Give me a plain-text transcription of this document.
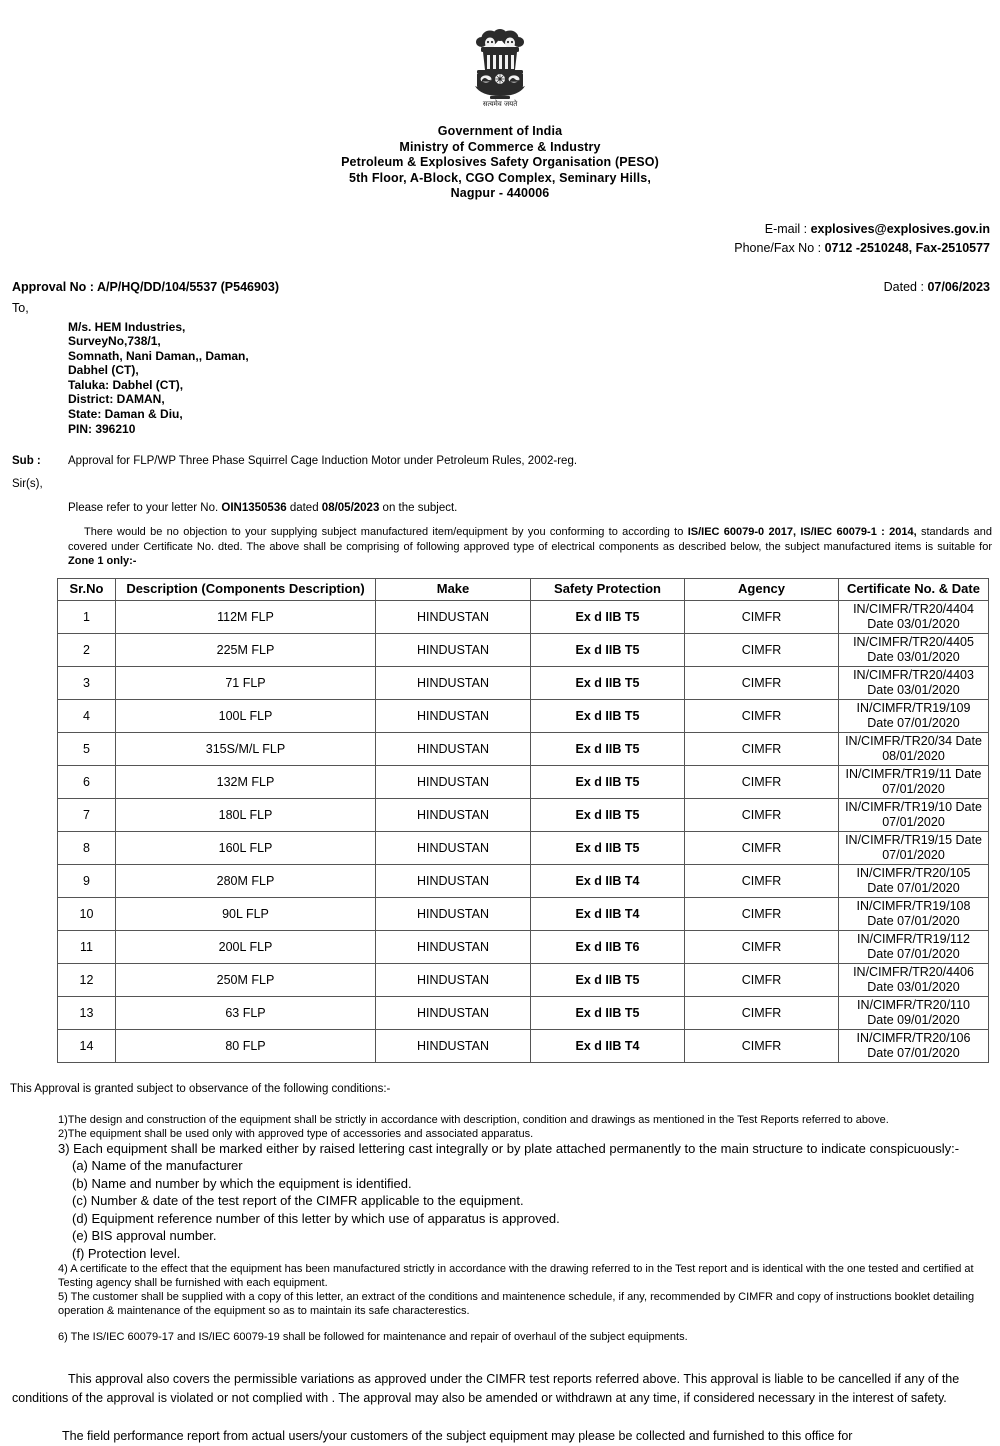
सत्यमेव जयते
Government of India
Ministry of Commerce & Industry
Petroleum & Explosives Safety Organisation (PESO)
5th Floor, A-Block, CGO Complex, Seminary Hills,
Nagpur - 440006
E-mail : explosives@explosives.gov.in
Phone/Fax No : 0712 -2510248, Fax-2510577
Approval No : A/P/HQ/DD/104/5537 (P546903)	Dated : 07/06/2023
To,
M/s. HEM Industries,
SurveyNo,738/1,
Somnath, Nani Daman,, Daman,
Dabhel (CT),
Taluka: Dabhel (CT),
District: DAMAN,
State: Daman & Diu,
PIN: 396210
Sub : Approval for FLP/WP Three Phase Squirrel Cage Induction Motor under Petroleum Rules, 2002-reg.
Sir(s),
Please refer to your letter No. OIN1350536 dated 08/05/2023 on the subject.
There would be no objection to your supplying subject manufactured item/equipment by you conforming to according to IS/IEC 60079-0 2017, IS/IEC 60079-1 : 2014, standards and covered under Certificate No. dted. The above shall be comprising of following approved type of electrical components as described below, the subject manufactured items is suitable for Zone 1 only:-
Sr.No	Description (Components Description)	Make	Safety Protection	Agency	Certificate No. & Date
1	112M FLP	HINDUSTAN	Ex d IIB T5	CIMFR	IN/CIMFR/TR20/4404
Date 03/01/2020
2	225M FLP	HINDUSTAN	Ex d IIB T5	CIMFR	IN/CIMFR/TR20/4405
Date 03/01/2020
3	71 FLP	HINDUSTAN	Ex d IIB T5	CIMFR	IN/CIMFR/TR20/4403
Date 03/01/2020
4	100L FLP	HINDUSTAN	Ex d IIB T5	CIMFR	IN/CIMFR/TR19/109
Date 07/01/2020
5	315S/M/L FLP	HINDUSTAN	Ex d IIB T5	CIMFR	IN/CIMFR/TR20/34 Date
08/01/2020
6	132M FLP	HINDUSTAN	Ex d IIB T5	CIMFR	IN/CIMFR/TR19/11 Date
07/01/2020
7	180L FLP	HINDUSTAN	Ex d IIB T5	CIMFR	IN/CIMFR/TR19/10 Date
07/01/2020
8	160L FLP	HINDUSTAN	Ex d IIB T5	CIMFR	IN/CIMFR/TR19/15 Date
07/01/2020
9	280M FLP	HINDUSTAN	Ex d IIB T4	CIMFR	IN/CIMFR/TR20/105
Date 07/01/2020
10	90L FLP	HINDUSTAN	Ex d IIB T4	CIMFR	IN/CIMFR/TR19/108
Date 07/01/2020
11	200L FLP	HINDUSTAN	Ex d IIB T6	CIMFR	IN/CIMFR/TR19/112
Date 07/01/2020
12	250M FLP	HINDUSTAN	Ex d IIB T5	CIMFR	IN/CIMFR/TR20/4406
Date 03/01/2020
13	63 FLP	HINDUSTAN	Ex d IIB T5	CIMFR	IN/CIMFR/TR20/110
Date 09/01/2020
14	80 FLP	HINDUSTAN	Ex d IIB T4	CIMFR	IN/CIMFR/TR20/106
Date 07/01/2020
This Approval is granted subject to observance of the following conditions:-
1)The design and construction of the equipment shall be strictly in accordance with description, condition and drawings as mentioned in the Test Reports referred to above.
2)The equipment shall be used only with approved type of accessories and associated apparatus.
3) Each equipment shall be marked either by raised lettering cast integrally or by plate attached permanently to the main structure to indicate conspicuously:-
(a) Name of the manufacturer
(b) Name and number by which the equipment is identified.
(c) Number & date of the test report of the CIMFR applicable to the equipment.
(d) Equipment reference number of this letter by which use of apparatus is approved.
(e) BIS approval number.
(f) Protection level.
4) A certificate to the effect that the equipment has been manufactured strictly in accordance with the drawing referred to in the Test report and is identical with the one tested and certified at Testing agency shall be furnished with each equipment.
5) The customer shall be supplied with a copy of this letter, an extract of the conditions and maintenence schedule, if any, recommended by CIMFR and copy of instructions booklet detailing operation & maintenance of the equipment so as to maintain its safe characterestics.
6) The IS/IEC 60079-17 and IS/IEC 60079-19 shall be followed for maintenance and repair of overhaul of the subject equipments.
This approval also covers the permissible variations as approved under the CIMFR test reports referred above. This approval is liable to be cancelled if any of the conditions of the approval is violated or not complied with . The approval may also be amended or withdrawn at any time, if considered necessary in the interest of safety.
The field performance report from actual users/your customers of the subject equipment may please be collected and furnished to this office for
